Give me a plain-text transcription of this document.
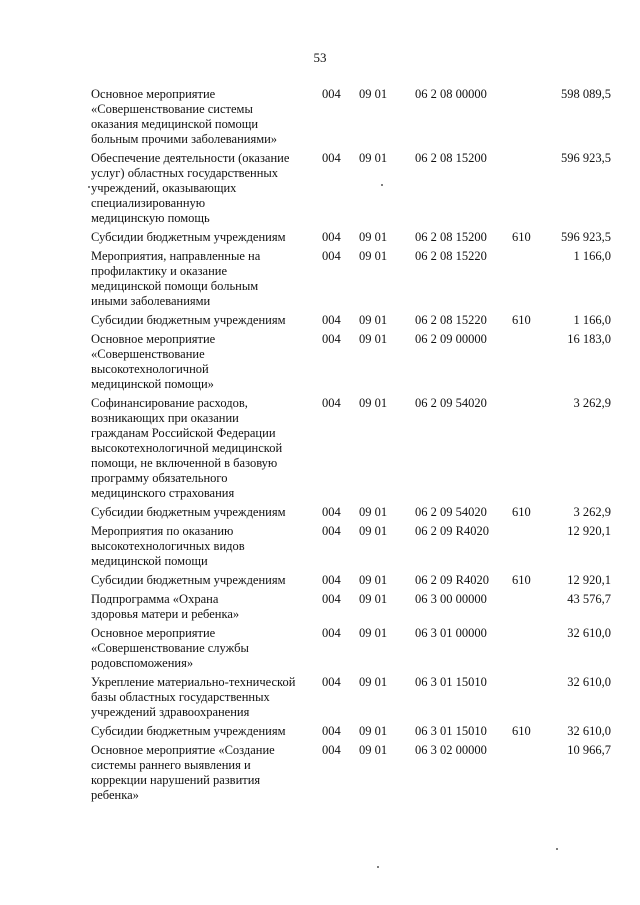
53
Основное мероприятие
«Совершенствование системы
оказания медицинской помощи
больным прочими заболеваниями»
004	09 01	06 2 08 00000	598 089,5
Обеспечение деятельности (оказание
услуг) областных государственных
учреждений, оказывающих
специализированную
медицинскую помощь
004	09 01	06 2 08 15200	596 923,5
Субсидии бюджетным учреждениям	004	09 01	06 2 08 15200	610	596 923,5
Мероприятия, направленные на
профилактику и оказание
медицинской помощи больным
иными заболеваниями
004	09 01	06 2 08 15220	1 166,0
Субсидии бюджетным учреждениям	004	09 01	06 2 08 15220	610	1 166,0
Основное мероприятие
«Совершенствование
высокотехнологичной
медицинской помощи»
004	09 01	06 2 09 00000	16 183,0
Софинансирование расходов,
возникающих при оказании
гражданам Российской Федерации
высокотехнологичной медицинской
помощи, не включенной в базовую
программу обязательного
медицинского страхования
004	09 01	06 2 09 54020	3 262,9
Субсидии бюджетным учреждениям	004	09 01	06 2 09 54020	610	3 262,9
Мероприятия по оказанию
высокотехнологичных видов
медицинской помощи
004	09 01	06 2 09 R4020	12 920,1
Субсидии бюджетным учреждениям	004	09 01	06 2 09 R4020	610	12 920,1
Подпрограмма «Охрана
здоровья матери и ребенка»
004	09 01	06 3 00 00000	43 576,7
Основное мероприятие
«Совершенствование службы
родовспоможения»
004	09 01	06 3 01 00000	32 610,0
Укрепление материально-технической
базы областных государственных
учреждений здравоохранения
004	09 01	06 3 01 15010	32 610,0
Субсидии бюджетным учреждениям	004	09 01	06 3 01 15010	610	32 610,0
Основное мероприятие «Создание
системы раннего выявления и
коррекции нарушений развития
ребенка»
004	09 01	06 3 02 00000	10 966,7
